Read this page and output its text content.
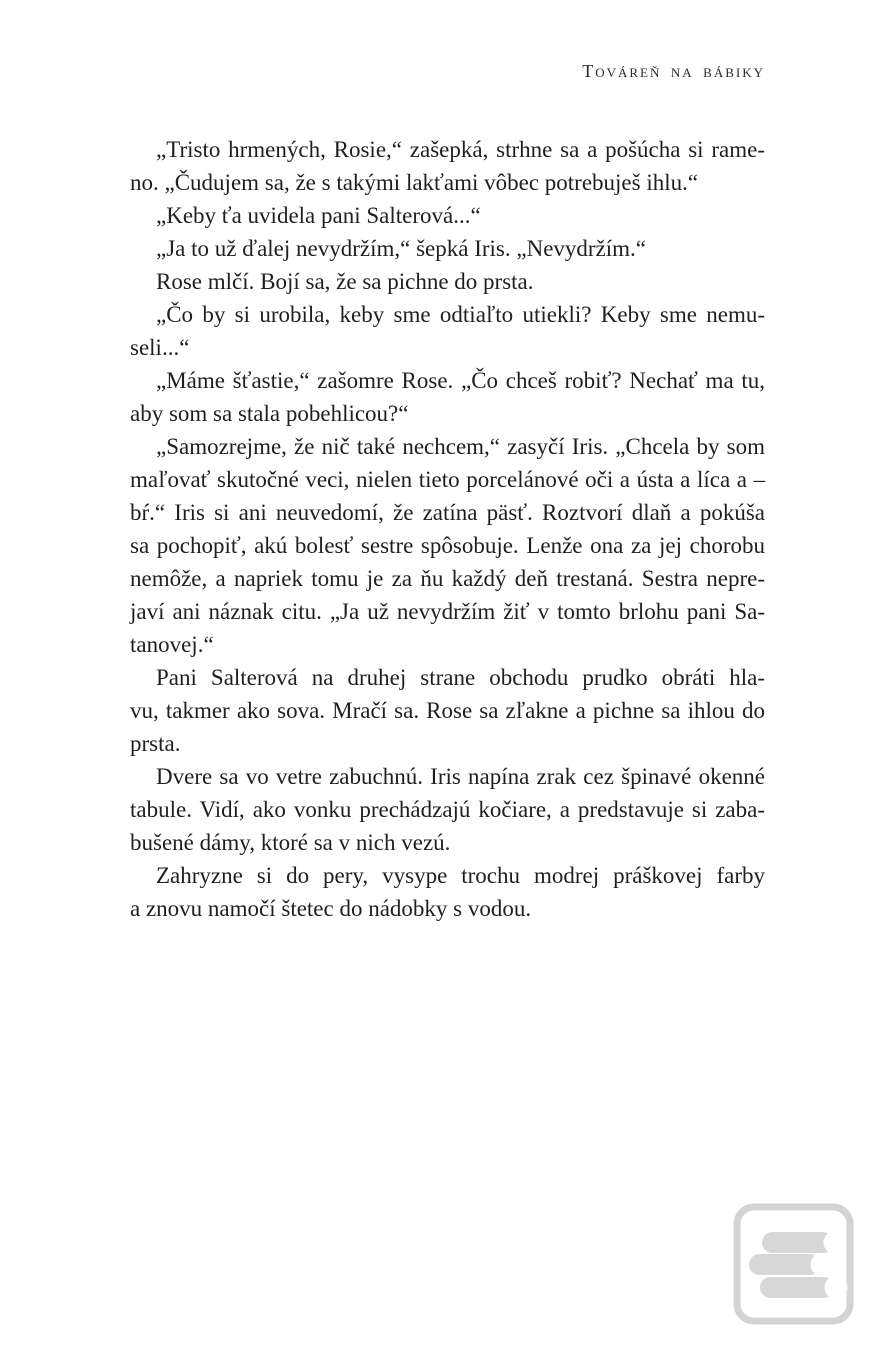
Továreň na bábiky
„Tristo hrmených, Rosie,“ zašepká, strhne sa a pošúcha si rame-
no. „Čudujem sa, že s takými lakťami vôbec potrebuješ ihlu.“
„Keby ťa uvidela pani Salterová...“
„Ja to už ďalej nevydržím,“ šepká Iris. „Nevydržím.“
Rose mlčí. Bojí sa, že sa pichne do prsta.
„Čo by si urobila, keby sme odtiaľto utiekli? Keby sme nemu-
seli...“
„Máme šťastie,“ zašomre Rose. „Čo chceš robiť? Nechať ma tu,
aby som sa stala pobehlicou?“
„Samozrejme, že nič také nechcem,“ zasyčí Iris. „Chcela by som
maľovať skutočné veci, nielen tieto porcelánové oči a ústa a líca a –
bŕ.“ Iris si ani neuvedomí, že zatína päsť. Roztvorí dlaň a pokúša
sa pochopiť, akú bolesť sestre spôsobuje. Lenže ona za jej chorobu
nemôže, a napriek tomu je za ňu každý deň trestaná. Sestra nepre-
javí ani náznak citu. „Ja už nevydržím žiť v tomto brlohu pani Sa-
tanovej.“
Pani Salterová na druhej strane obchodu prudko obráti hla-
vu, takmer ako sova. Mračí sa. Rose sa zľakne a pichne sa ihlou do
prsta.
Dvere sa vo vetre zabuchnú. Iris napína zrak cez špinavé okenné
tabule. Vidí, ako vonku prechádzajú kočiare, a predstavuje si zaba-
bušené dámy, ktoré sa v nich vezú.
Zahryzne si do pery, vysype trochu modrej práškovej farby
a znovu namočí štetec do nádobky s vodou.
